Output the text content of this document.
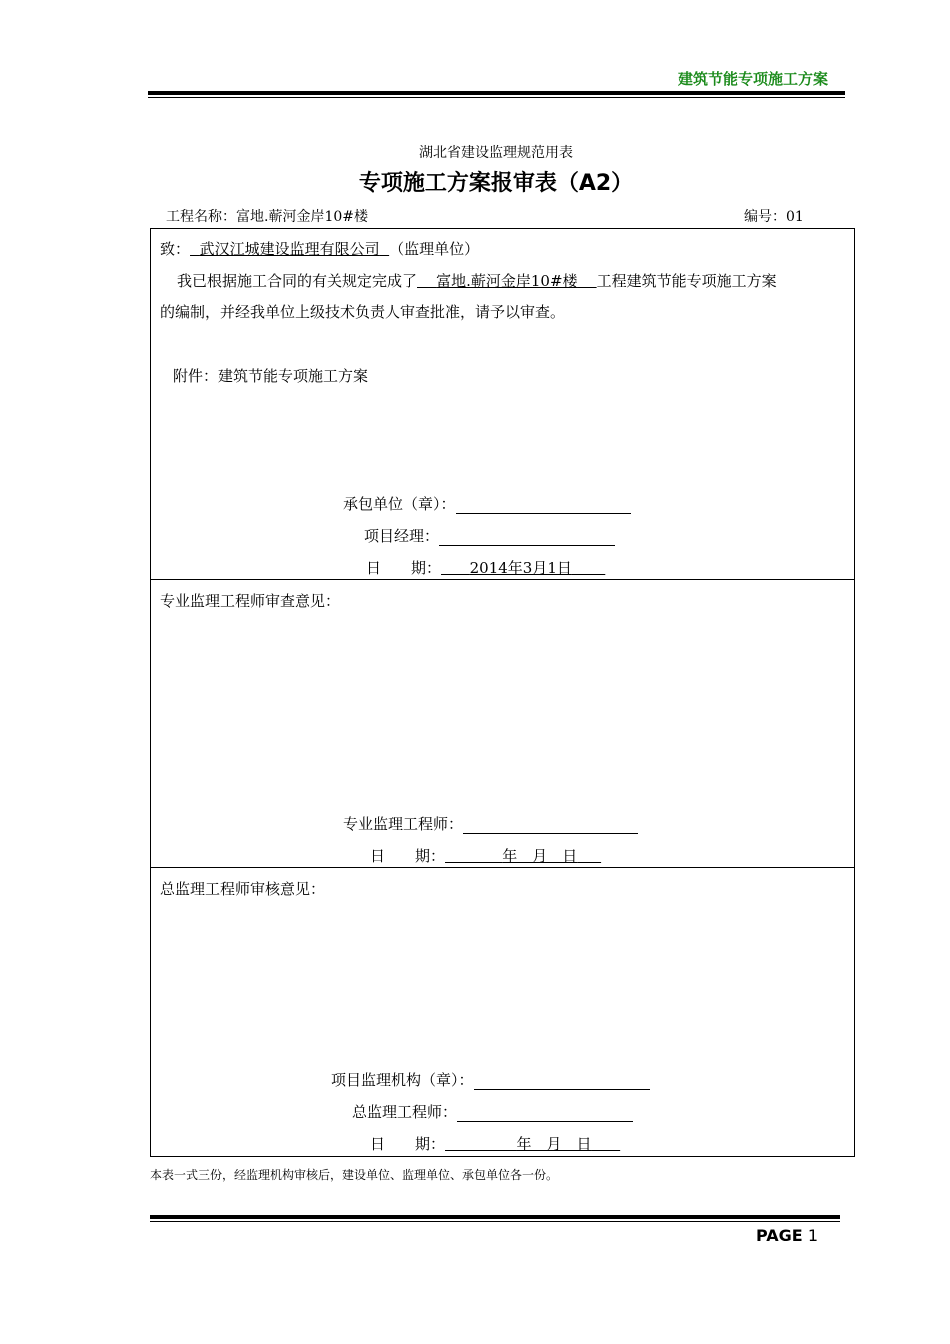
建筑节能专项施工方案
湖北省建设监理规范用表
专项施工方案报审表（A2）
工程名称：富地.蕲河金岸10#楼	编号：01
致： 武汉江城建设监理有限公司 （监理单位）
我已根据施工合同的有关规定完成了 富地.蕲河金岸10#楼 工程建筑节能专项施工方案
的编制，并经我单位上级技术负责人审查批准，请予以审查。
附件：建筑节能专项施工方案
承包单位（章）：
项目经理：
日　　期： 2014年3月1日
专业监理工程师审查意见：
专业监理工程师：
日　　期：	年　月　日
总监理工程师审核意见：
项目监理机构（章）：
总监理工程师：
日　　期：	年　月　日
本表一式三份，经监理机构审核后，建设单位、监理单位、承包单位各一份。
PAGE 1
